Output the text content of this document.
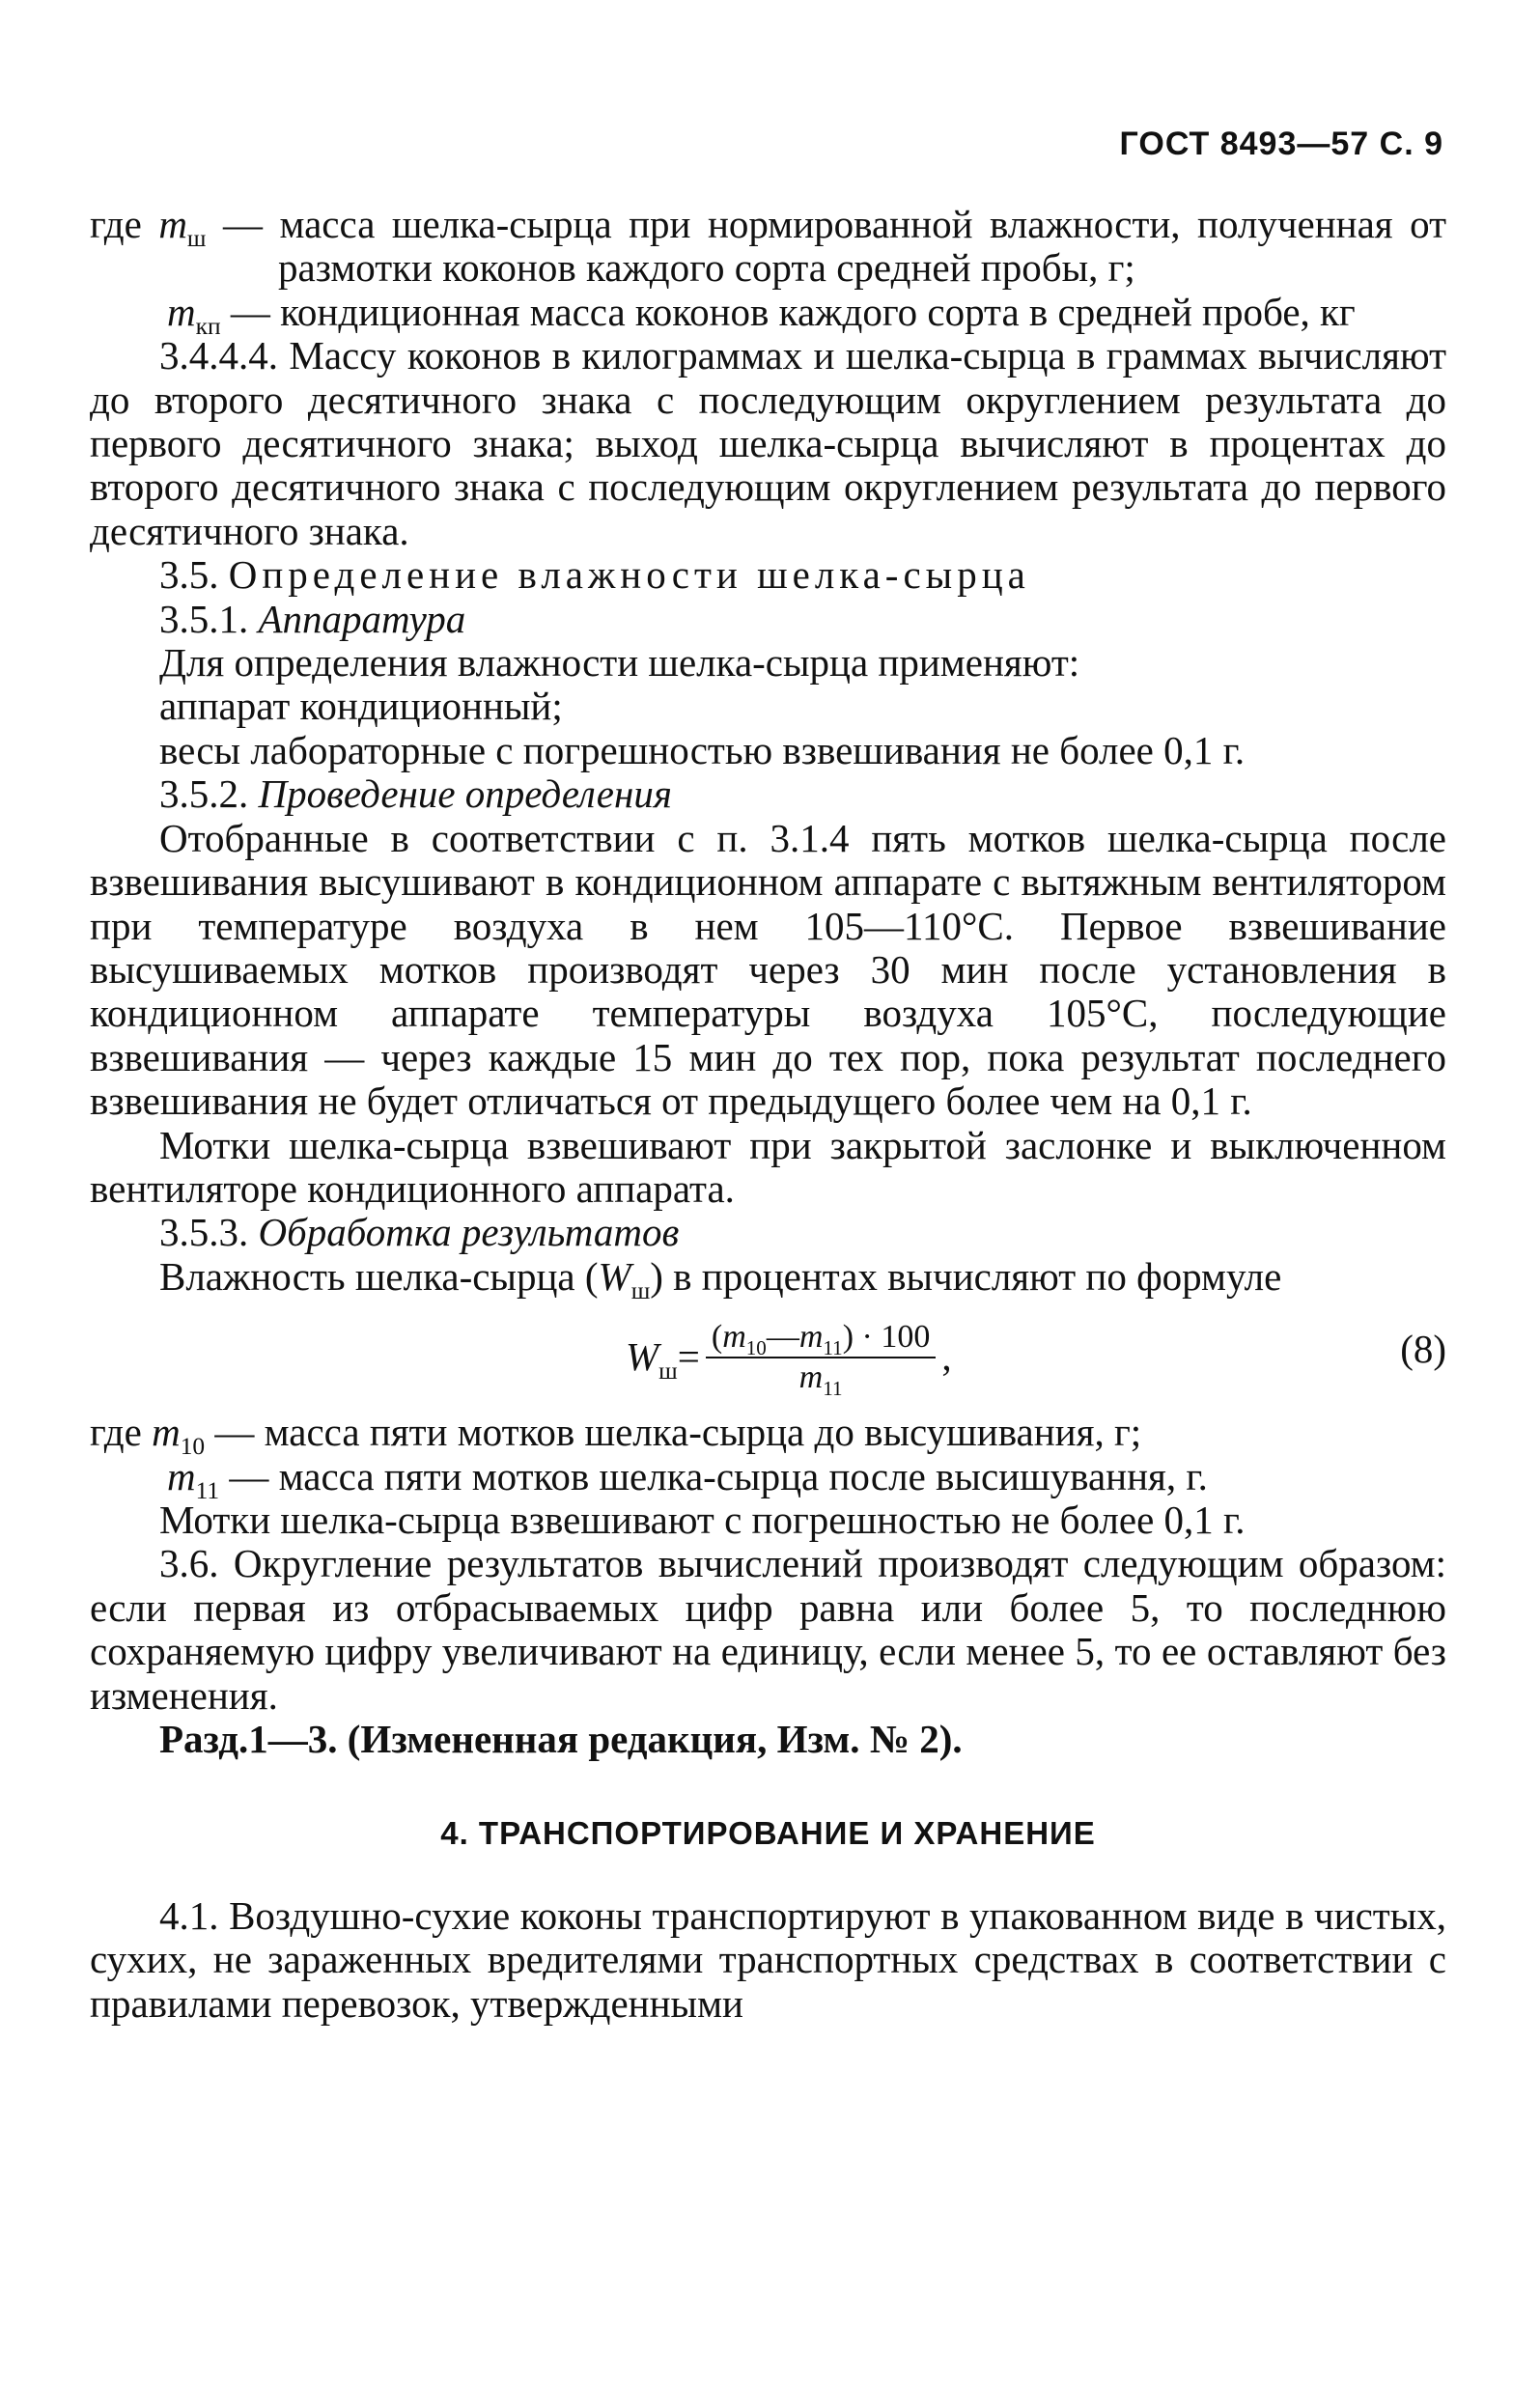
ГОСТ 8493—57 С. 9

где $m_ш$ — масса шелка-сырца при нормированной влажности, полученная от размотки коконов каждого сорта средней пробы, г;

$m_{кп}$ — кондиционная масса коконов каждого сорта в средней пробе, кг

3.4.4.4. Массу коконов в килограммах и шелка-сырца в граммах вычисляют до второго десятичного знака с последующим округлением результата до первого десятичного знака; выход шелка-сырца вычисляют в процентах до второго десятичного знака с последующим округлением результата до первого десятичного знака.

3.5. Определение влажности шелка-сырца

3.5.1. Аппаратура

Для определения влажности шелка-сырца применяют:

аппарат кондиционный;

весы лабораторные с погрешностью взвешивания не более 0,1 г.

3.5.2. Проведение определения

Отобранные в соответствии с п. 3.1.4 пять мотков шелка-сырца после взвешивания высушивают в кондиционном аппарате с вытяжным вентилятором при температуре воздуха в нем 105—110°С. Первое взвешивание высушиваемых мотков производят через 30 мин после установления в кондиционном аппарате температуры воздуха 105°С, последующие взвешивания — через каждые 15 мин до тех пор, пока результат последнего взвешивания не будет отличаться от предыдущего более чем на 0,1 г.

Мотки шелка-сырца взвешивают при закрытой заслонке и выключенном вентиляторе кондиционного аппарата.

3.5.3. Обработка результатов

Влажность шелка-сырца $(W_ш)$ в процентах вычисляют по формуле

$W_ш = \frac{(m_{10}—m_{11}) \cdot 100}{m_{11}}$ ,	(8)

где $m_{10}$ — масса пяти мотков шелка-сырца до высушивания, г;

$m_{11}$ — масса пяти мотков шелка-сырца после высишування, г.

Мотки шелка-сырца взвешивают с погрешностью не более 0,1 г.

3.6. Округление результатов вычислений производят следующим образом: если первая из отбрасываемых цифр равна или более 5, то последнюю сохраняемую цифру увеличивают на единицу, если менее 5, то ее оставляют без изменения.

Разд.1—3. (Измененная редакция, Изм. № 2).

4. ТРАНСПОРТИРОВАНИЕ И ХРАНЕНИЕ

4.1. Воздушно-сухие коконы транспортируют в упакованном виде в чистых, сухих, не зараженных вредителями транспортных средствах в соответствии с правилами перевозок, утвержденными
